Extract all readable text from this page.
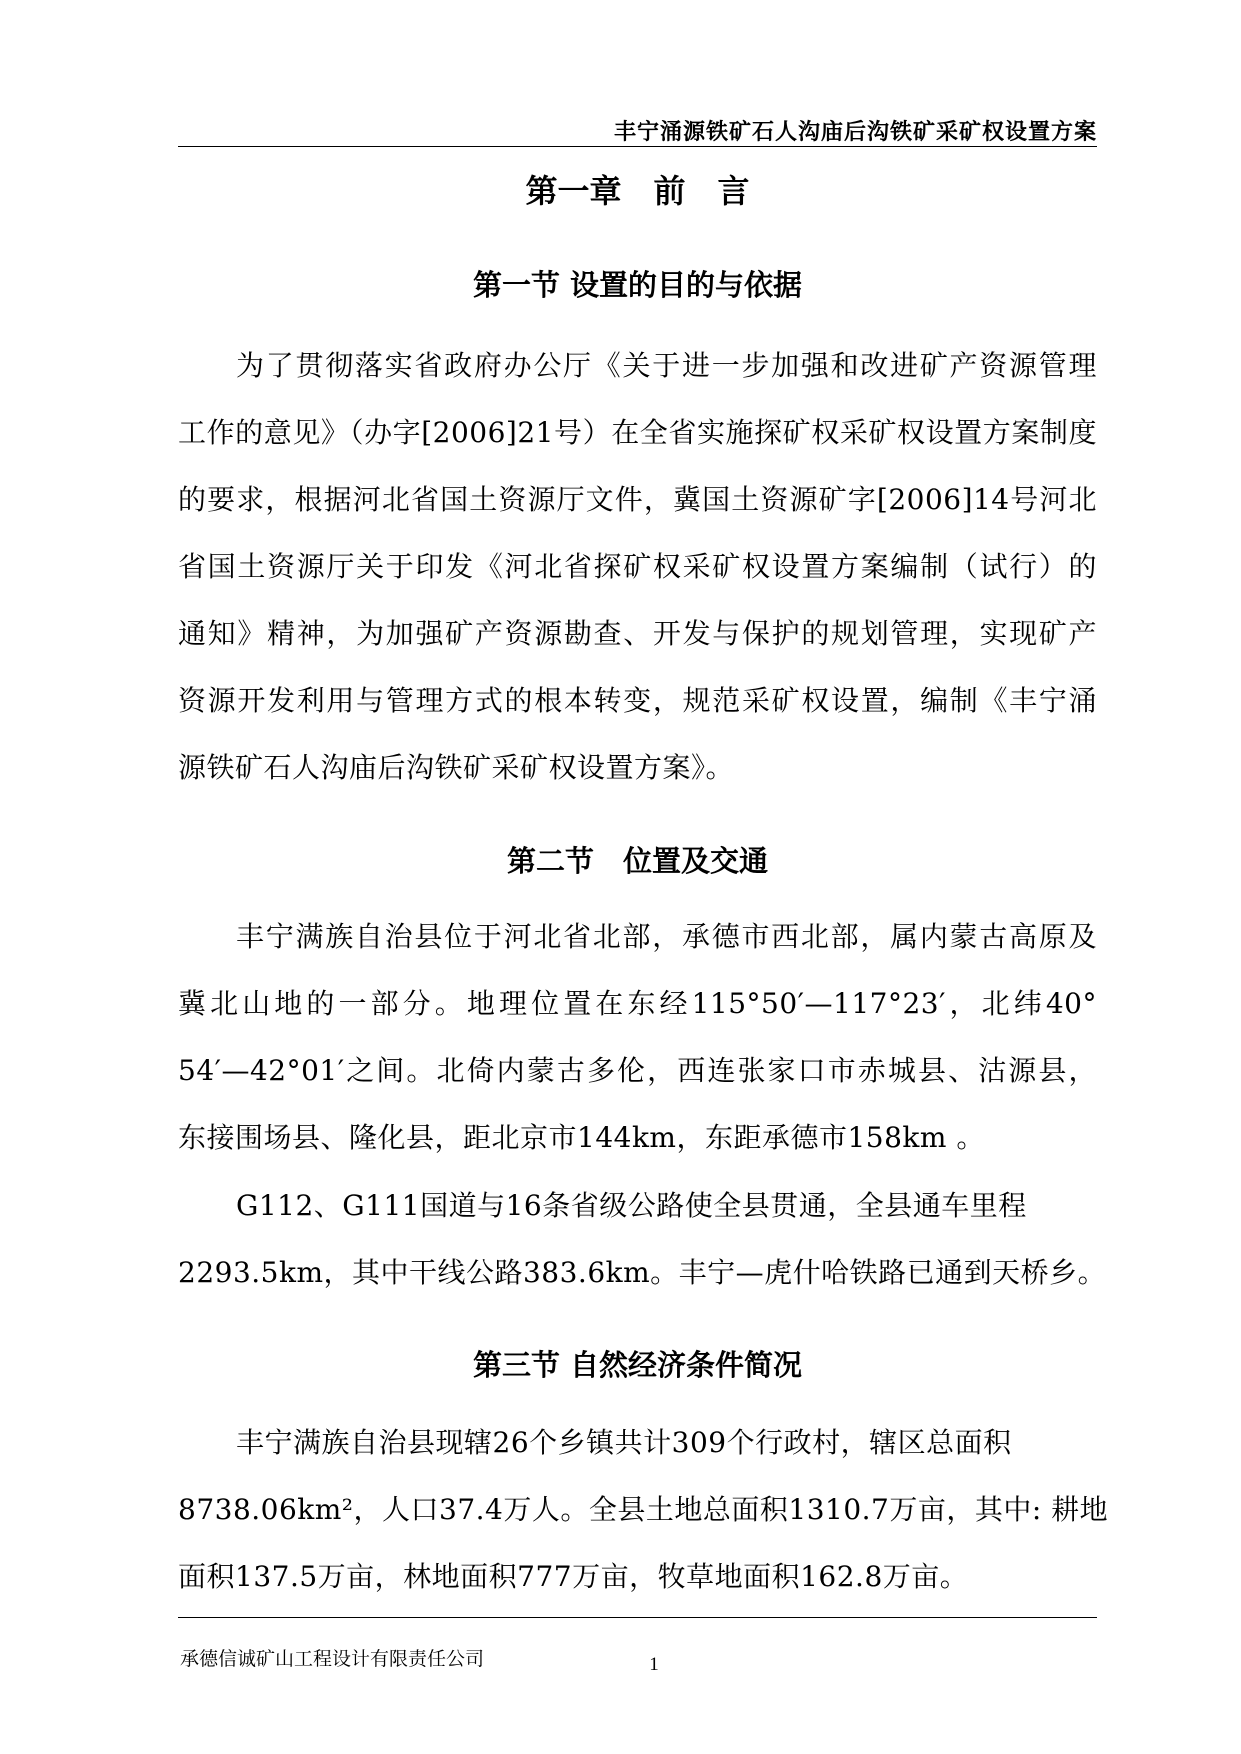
丰宁涌源铁矿石人沟庙后沟铁矿采矿权设置方案
第一章　前　言
第一节 设置的目的与依据
为了贯彻落实省政府办公厅《关于进一步加强和改进矿产资源管理
工作的意见》（办字[2006]21号）在全省实施探矿权采矿权设置方案制度
的要求，根据河北省国土资源厅文件，冀国土资源矿字[2006]14号河北
省国土资源厅关于印发《河北省探矿权采矿权设置方案编制（试行）的
通知》精神，为加强矿产资源勘查、开发与保护的规划管理，实现矿产
资源开发利用与管理方式的根本转变，规范采矿权设置，编制《丰宁涌
源铁矿石人沟庙后沟铁矿采矿权设置方案》。
第二节　位置及交通
丰宁满族自治县位于河北省北部，承德市西北部，属内蒙古高原及
冀北山地的一部分。地理位置在东经115°50′—117°23′，北纬40°
54′—42°01′之间。北倚内蒙古多伦，西连张家口市赤城县、沽源县，
东接围场县、隆化县，距北京市144km，东距承德市158km 。
G112、G111国道与16条省级公路使全县贯通，全县通车里程
2293.5km，其中干线公路383.6km。丰宁—虎什哈铁路已通到天桥乡。
第三节 自然经济条件简况
丰宁满族自治县现辖26个乡镇共计309个行政村，辖区总面积
8738.06km²，人口37.4万人。全县土地总面积1310.7万亩，其中: 耕地
面积137.5万亩，林地面积777万亩，牧草地面积162.8万亩。
承德信诚矿山工程设计有限责任公司	1
